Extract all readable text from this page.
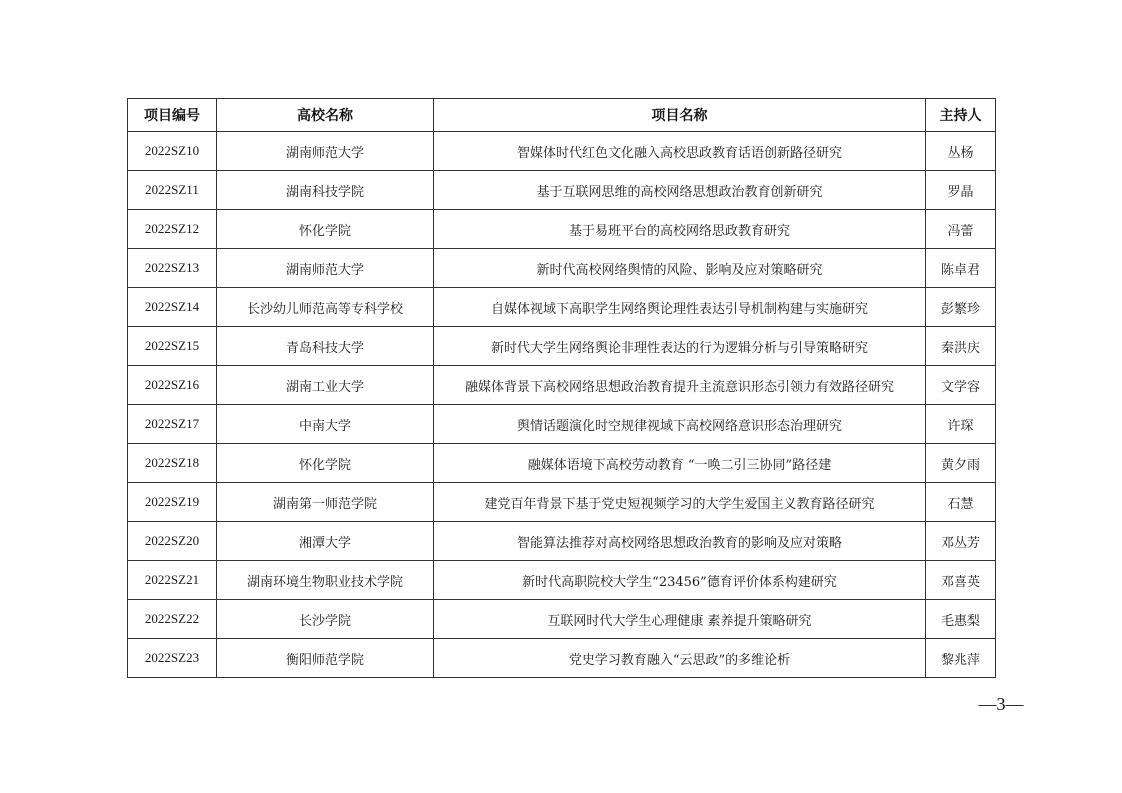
项目编号	高校名称	项目名称	主持人
2022SZ10	湖南师范大学	智媒体时代红色文化融入高校思政教育话语创新路径研究	丛杨
2022SZ11	湖南科技学院	基于互联网思维的高校网络思想政治教育创新研究	罗晶
2022SZ12	怀化学院	基于易班平台的高校网络思政教育研究	冯蕾
2022SZ13	湖南师范大学	新时代高校网络舆情的风险、影响及应对策略研究	陈卓君
2022SZ14	长沙幼儿师范高等专科学校	自媒体视域下高职学生网络舆论理性表达引导机制构建与实施研究	彭繁珍
2022SZ15	青岛科技大学	新时代大学生网络舆论非理性表达的行为逻辑分析与引导策略研究	秦洪庆
2022SZ16	湖南工业大学	融媒体背景下高校网络思想政治教育提升主流意识形态引领力有效路径研究	文学容
2022SZ17	中南大学	舆情话题演化时空规律视域下高校网络意识形态治理研究	许琛
2022SZ18	怀化学院	融媒体语境下高校劳动教育 “一唤二引三协同”路径建	黄夕雨
2022SZ19	湖南第一师范学院	建党百年背景下基于党史短视频学习的大学生爱国主义教育路径研究	石慧
2022SZ20	湘潭大学	智能算法推荐对高校网络思想政治教育的影响及应对策略	邓丛芳
2022SZ21	湖南环境生物职业技术学院	新时代高职院校大学生“23456”德育评价体系构建研究	邓喜英
2022SZ22	长沙学院	互联网时代大学生心理健康 素养提升策略研究	毛惠梨
2022SZ23	衡阳师范学院	党史学习教育融入“云思政”的多维论析	黎兆萍
—3—
